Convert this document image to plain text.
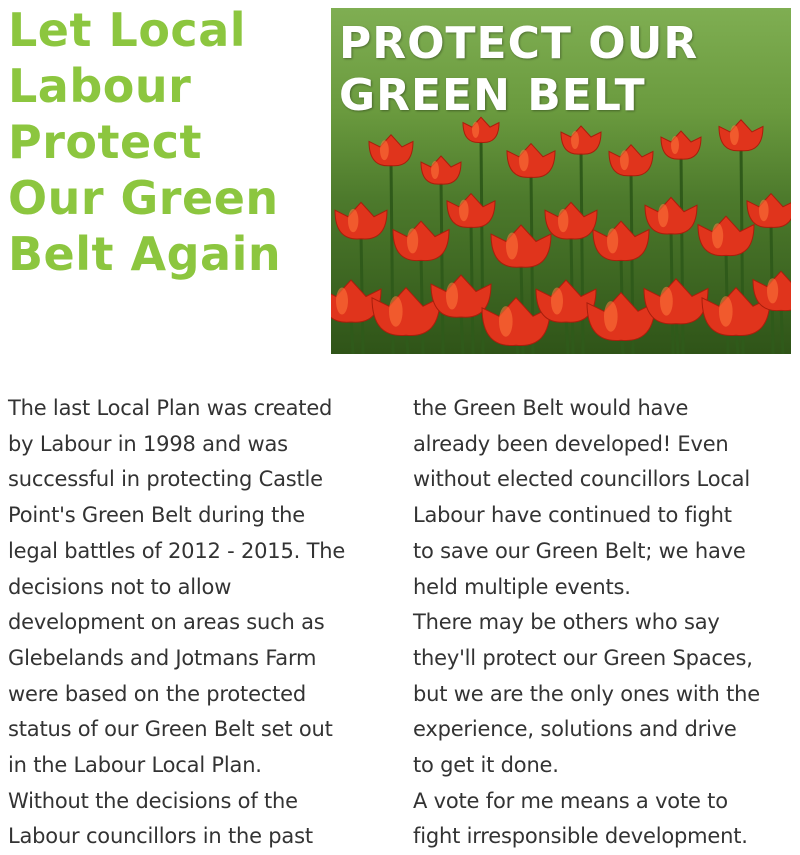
Let Local
Labour
Protect
Our Green
Belt Again
PROTECT OUR
GREEN BELT
The last Local Plan was created
by Labour in 1998 and was
successful in protecting Castle
Point's Green Belt during the
legal battles of 2012 - 2015. The
decisions not to allow
development on areas such as
Glebelands and Jotmans Farm
were based on the protected
status of our Green Belt set out
in the Labour Local Plan.
Without the decisions of the
Labour councillors in the past
the Green Belt would have
already been developed! Even
without elected councillors Local
Labour have continued to fight
to save our Green Belt; we have
held multiple events.
There may be others who say
they'll protect our Green Spaces,
but we are the only ones with the
experience, solutions and drive
to get it done.
A vote for me means a vote to
fight irresponsible development.
